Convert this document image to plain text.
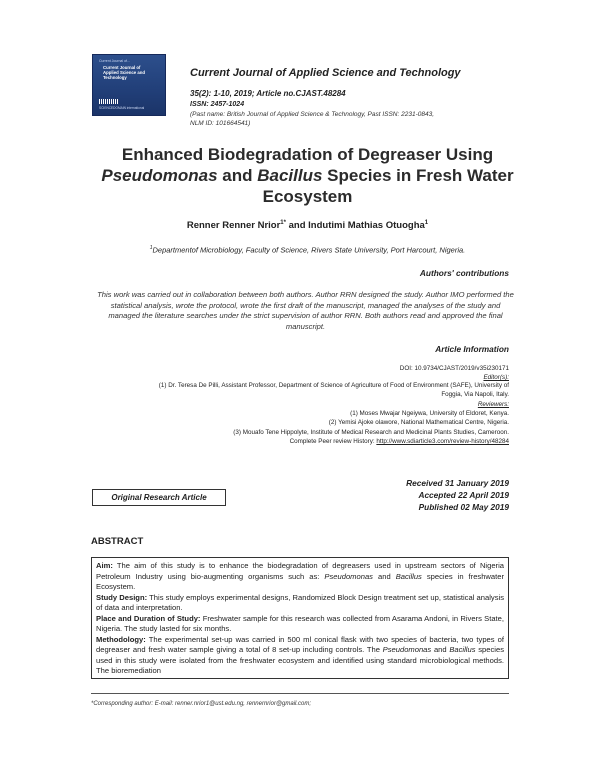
Current Journal of...
Current Journal of Applied Science and Technology
SCIENCEDOMAIN international
Current Journal of Applied Science and Technology
35(2): 1-10, 2019; Article no.CJAST.48284
ISSN: 2457-1024
(Past name: British Journal of Applied Science & Technology, Past ISSN: 2231-0843,
NLM ID: 101664541)
Enhanced Biodegradation of Degreaser Using
Pseudomonas and Bacillus Species in Fresh Water
Ecosystem
Renner Renner Nrior$^{1*}$ and Indutimi Mathias Otuogha$^1$
$^1$Departmentof Microbiology, Faculty of Science, Rivers State University, Port Harcourt, Nigeria.
Authors' contributions
This work was carried out in collaboration between both authors. Author RRN designed the study. Author IMO performed the statistical analysis, wrote the protocol, wrote the first draft of the manuscript, managed the analyses of the study and managed the literature searches under the strict supervision of author RRN. Both authors read and approved the final manuscript.
Article Information
DOI: 10.9734/CJAST/2019/v35i230171
Editor(s):
(1) Dr. Teresa De Pilli, Assistant Professor, Department of Science of Agriculture of Food of Environment (SAFE), University of
Foggia, Via Napoli, Italy.
Reviewers:
(1) Moses Mwajar Ngeiywa, University of Eldoret, Kenya.
(2) Yemisi Ajoke olawore, National Mathematical Centre, Nigeria.
(3) Mouafo Tene Hippolyte, Institute of Medical Research and Medicinal Plants Studies, Cameroon.
Complete Peer review History: http://www.sdiarticle3.com/review-history/48284
Original Research Article
Received 31 January 2019
Accepted 22 April 2019
Published 02 May 2019
ABSTRACT

Aim: The aim of this study is to enhance the biodegradation of degreasers used in upstream sectors of Nigeria Petroleum Industry using bio-augmenting organisms such as: Pseudomonas and Bacillus species in freshwater Ecosystem.

Study Design: This study employs experimental designs, Randomized Block Design treatment set up, statistical analysis of data and interpretation.

Place and Duration of Study: Freshwater sample for this research was collected from Asarama Andoni, in Rivers State, Nigeria. The study lasted for six months.

Methodology: The experimental set-up was carried in 500 ml conical flask with two species of bacteria, two types of degreaser and fresh water sample giving a total of 8 set-up including controls. The Pseudomonas and Bacillus species used in this study were isolated from the freshwater ecosystem and identified using standard microbiological methods. The bioremediation

*Corresponding author: E-mail: renner.nrior1@ust.edu.ng, rennernrior@gmail.com;
